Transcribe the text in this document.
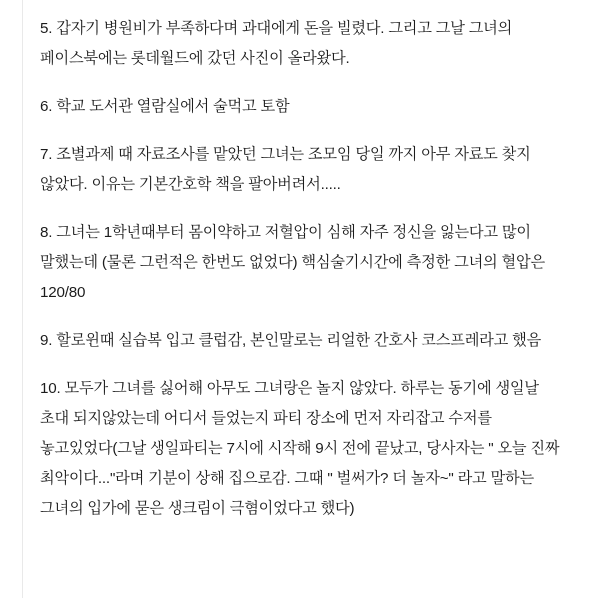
5. 갑자기 병원비가 부족하다며 과대에게 돈을 빌렸다. 그리고 그날 그녀의 페이스북에는 롯데월드에 갔던 사진이 올라왔다.

6. 학교 도서관 열람실에서 술먹고 토함

7. 조별과제 때 자료조사를 맡았던 그녀는 조모임 당일 까지 아무 자료도 찾지 않았다. 이유는 기본간호학 책을 팔아버려서.....

8. 그녀는 1학년때부터 몸이약하고 저혈압이 심해 자주 정신을 잃는다고 많이 말했는데 (물론 그런적은 한번도 없었다) 핵심술기시간에 측정한 그녀의 혈압은 120/80

9. 할로윈때 실습복 입고 클럽감, 본인말로는 리얼한 간호사 코스프레라고 했음

10. 모두가 그녀를 싫어해 아무도 그녀랑은 놀지 않았다. 하루는 동기에 생일날 초대 되지않았는데 어디서 들었는지 파티 장소에 먼저 자리잡고 수저를 놓고있었다(그날 생일파티는 7시에 시작해 9시 전에 끝났고, 당사자는 " 오늘 진짜 최악이다..."라며 기분이 상해 집으로감. 그때 " 벌써가? 더 놀자~" 라고 말하는 그녀의 입가에 묻은 생크림이 극혐이었다고 했다)
